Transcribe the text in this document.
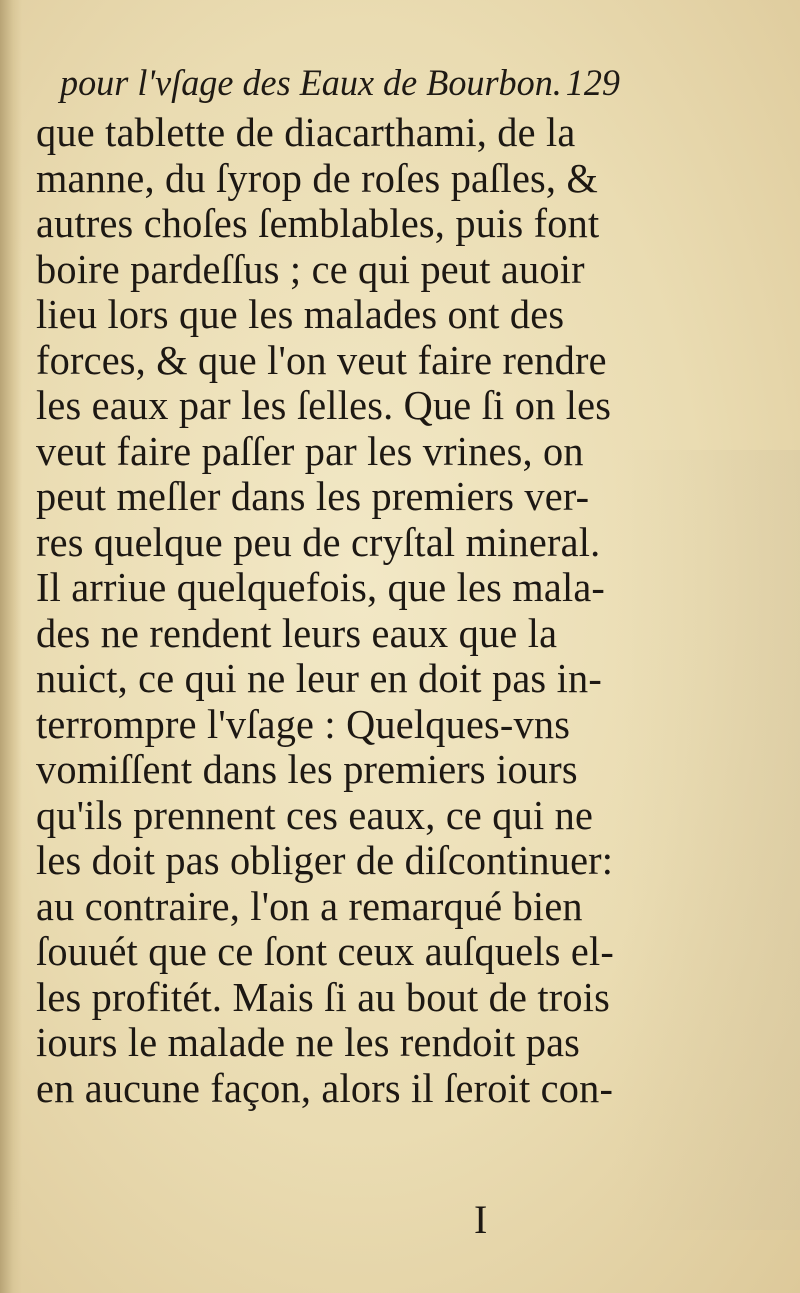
pour l'vſage des Eaux de Bourbon. 129
que tablette de diacarthami, de la
manne, du ſyrop de roſes paſles, &
autres choſes ſemblables, puis font
boire pardeſſus ; ce qui peut auoir
lieu lors que les malades ont des
forces, & que l'on veut faire rendre
les eaux par les ſelles. Que ſi on les
veut faire paſſer par les vrines, on
peut meſler dans les premiers ver-
res quelque peu de cryſtal mineral.
Il arriue quelquefois, que les mala-
des ne rendent leurs eaux que la
nuict, ce qui ne leur en doit pas in-
terrompre l'vſage : Quelques-vns
vomiſſent dans les premiers iours
qu'ils prennent ces eaux, ce qui ne
les doit pas obliger de diſcontinuer:
au contraire, l'on a remarqué bien
ſouuét que ce ſont ceux auſquels el-
les profitét. Mais ſi au bout de trois
iours le malade ne les rendoit pas
en aucune façon, alors il ſeroit con-
I
